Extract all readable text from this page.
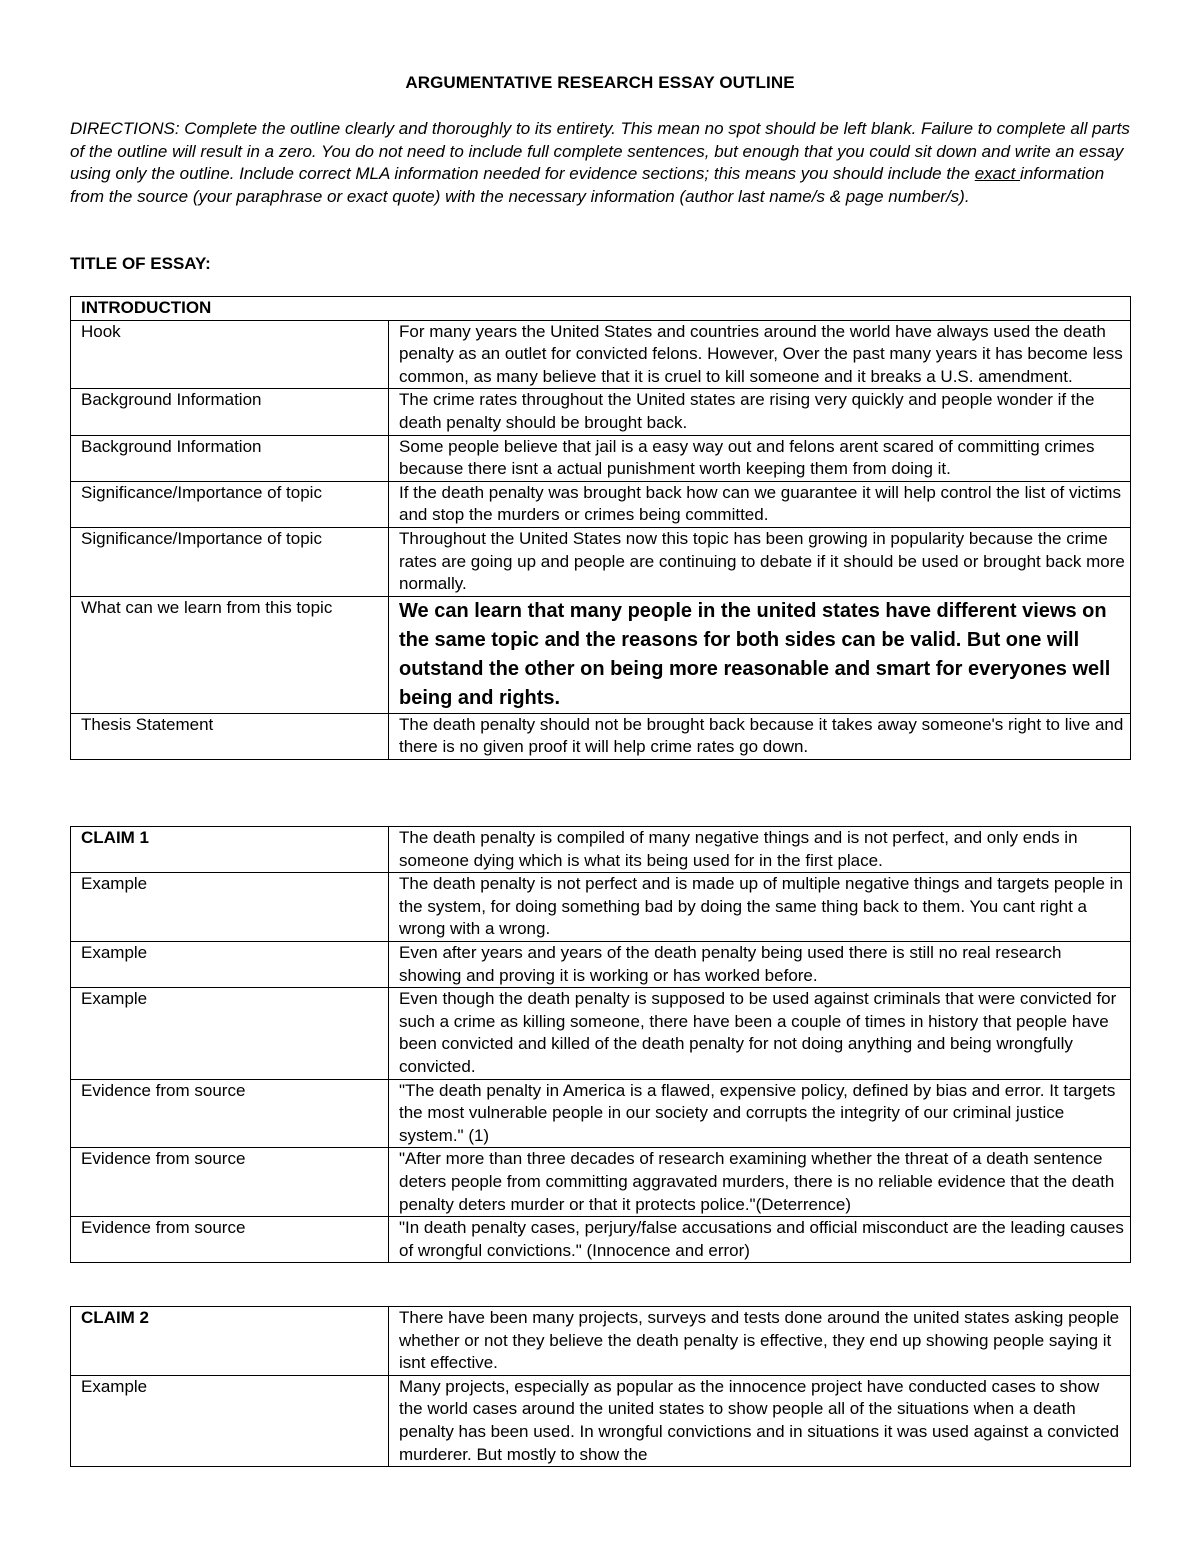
ARGUMENTATIVE RESEARCH ESSAY OUTLINE
DIRECTIONS: Complete the outline clearly and thoroughly to its entirety. This mean no spot should be left blank. Failure to complete all parts of the outline will result in a zero. You do not need to include full complete sentences, but enough that you could sit down and write an essay using only the outline. Include correct MLA information needed for evidence sections; this means you should include the exact information from the source (your paraphrase or exact quote) with the necessary information (author last name/s & page number/s).
TITLE OF ESSAY:
INTRODUCTION	
Hook	For many years the United States and countries around the world have always used the death penalty as an outlet for convicted felons. However, Over the past many years it has become less common, as many believe that it is cruel to kill someone and it breaks a U.S. amendment.
Background Information	The crime rates throughout the United states are rising very quickly and people wonder if the death penalty should be brought back.
Background Information	Some people believe that jail is a easy way out and felons arent scared of committing crimes because there isnt a actual punishment worth keeping them from doing it.
Significance/Importance of topic	If the death penalty was brought back how can we guarantee it will help control the list of victims and stop the murders or crimes being committed.
Significance/Importance of topic	Throughout the United States now this topic has been growing in popularity because the crime rates are going up and people are continuing to debate if it should be used or brought back more normally.
What can we learn from this topic	We can learn that many people in the united states have different views on the same topic and the reasons for both sides can be valid. But one will outstand the other on being more reasonable and smart for everyones well being and rights.
Thesis Statement	The death penalty should not be brought back because it takes away someone's right to live and there is no given proof it will help crime rates go down.
CLAIM 1	The death penalty is compiled of many negative things and is not perfect, and only ends in someone dying which is what its being used for in the first place.
Example	The death penalty is not perfect and is made up of multiple negative things and targets people in the system, for doing something bad by doing the same thing back to them. You cant right a wrong with a wrong.
Example	Even after years and years of the death penalty being used there is still no real research showing and proving it is working or has worked before.
Example	Even though the death penalty is supposed to be used against criminals that were convicted for such a crime as killing someone, there have been a couple of times in history that people have been convicted and killed of the death penalty for not doing anything and being wrongfully convicted.
Evidence from source	"The death penalty in America is a flawed, expensive policy, defined by bias and error. It targets the most vulnerable people in our society and corrupts the integrity of our criminal justice system." (1)
Evidence from source	"After more than three decades of research examining whether the threat of a death sentence deters people from committing aggravated murders, there is no reliable evidence that the death penalty deters murder or that it protects police."(Deterrence)
Evidence from source	"In death penalty cases, perjury/false accusations and official misconduct are the leading causes of wrongful convictions." (Innocence and error)
CLAIM 2	There have been many projects, surveys and tests done around the united states asking people whether or not they believe the death penalty is effective, they end up showing people saying it isnt effective.
Example	Many projects, especially as popular as the innocence project have conducted cases to show the world cases around the united states to show people all of the situations when a death penalty has been used. In wrongful convictions and in situations it was used against a convicted murderer. But mostly to show the
